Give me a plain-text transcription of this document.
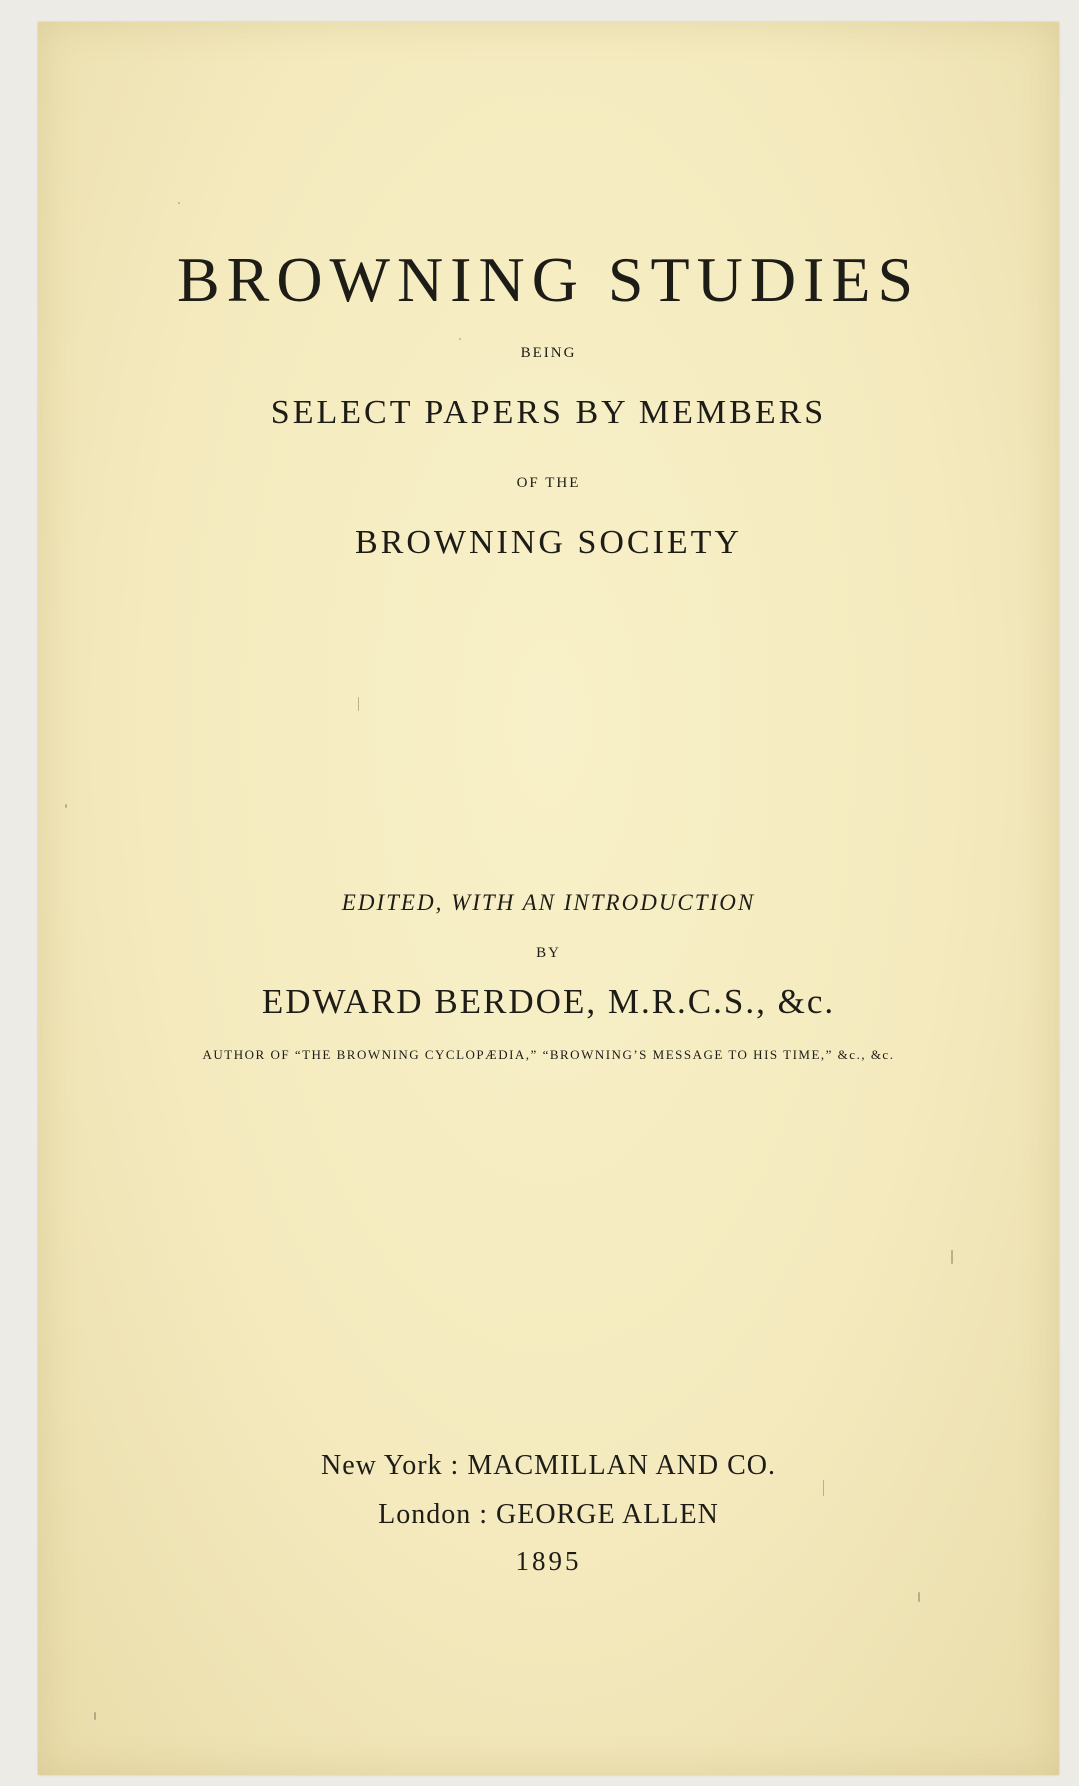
BROWNING STUDIES

BEING

SELECT PAPERS BY MEMBERS

OF THE

BROWNING SOCIETY

EDITED, WITH AN INTRODUCTION

BY

EDWARD BERDOE, M.R.C.S., &c.

AUTHOR OF “THE BROWNING CYCLOPÆDIA,” “BROWNING’S MESSAGE TO HIS TIME,” &c., &c.

New York : MACMILLAN AND CO.

London : GEORGE ALLEN

1895
